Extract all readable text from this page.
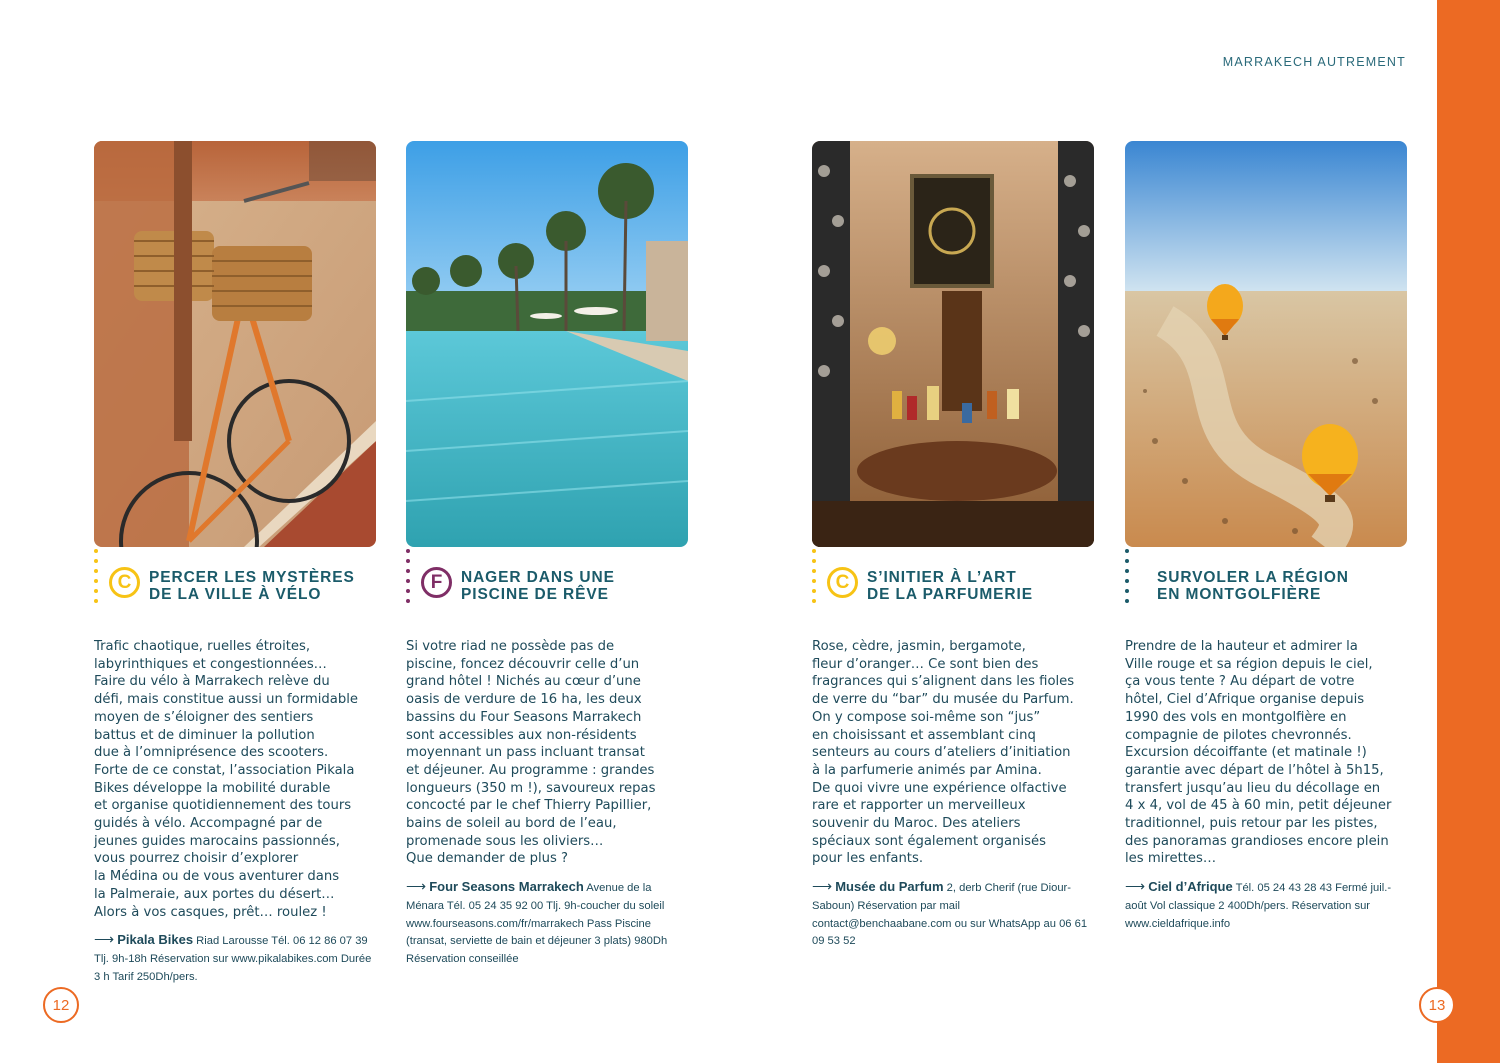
MARRAKECH AUTREMENT
C	PERCER LES MYSTÈRES
DE LA VILLE À VÉLO

Trafic chaotique, ruelles étroites,
labyrinthiques et congestionnées…
Faire du vélo à Marrakech relève du
défi, mais constitue aussi un formidable
moyen de s’éloigner des sentiers
battus et de diminuer la pollution
due à l’omniprésence des scooters.
Forte de ce constat, l’association Pikala
Bikes développe la mobilité durable
et organise quotidiennement des tours
guidés à vélo. Accompagné par de
jeunes guides marocains passionnés,
vous pourrez choisir d’explorer
la Médina ou de vous aventurer dans
la Palmeraie, aux portes du désert…
Alors à vos casques, prêt… roulez !

⟶ Pikala Bikes Riad Larousse Tél. 06 12 86 07 39 Tlj. 9h-18h Réservation sur www.pikalabikes.com Durée 3 h Tarif 250Dh/pers.
F	NAGER DANS UNE
PISCINE DE RÊVE

Si votre riad ne possède pas de
piscine, foncez découvrir celle d’un
grand hôtel ! Nichés au cœur d’une
oasis de verdure de 16 ha, les deux
bassins du Four Seasons Marrakech
sont accessibles aux non-résidents
moyennant un pass incluant transat
et déjeuner. Au programme : grandes
longueurs (350 m !), savoureux repas
concocté par le chef Thierry Papillier,
bains de soleil au bord de l’eau,
promenade sous les oliviers…
Que demander de plus ?

⟶ Four Seasons Marrakech Avenue de la Ménara Tél. 05 24 35 92 00 Tlj. 9h-coucher du soleil www.fourseasons.com/fr/marrakech Pass Piscine (transat, serviette de bain et déjeuner 3 plats) 980Dh Réservation conseillée
C	S’INITIER À L’ART
DE LA PARFUMERIE

Rose, cèdre, jasmin, bergamote,
fleur d’oranger… Ce sont bien des
fragrances qui s’alignent dans les fioles
de verre du “bar” du musée du Parfum.
On y compose soi-même son “jus”
en choisissant et assemblant cinq
senteurs au cours d’ateliers d’initiation
à la parfumerie animés par Amina.
De quoi vivre une expérience olfactive
rare et rapporter un merveilleux
souvenir du Maroc. Des ateliers
spéciaux sont également organisés
pour les enfants.

⟶ Musée du Parfum 2, derb Cherif (rue Diour-Saboun) Réservation par mail contact@benchaabane.com ou sur WhatsApp au 06 61 09 53 52
SURVOLER LA RÉGION
EN MONTGOLFIÈRE

Prendre de la hauteur et admirer la
Ville rouge et sa région depuis le ciel,
ça vous tente ? Au départ de votre
hôtel, Ciel d’Afrique organise depuis
1990 des vols en montgolfière en
compagnie de pilotes chevronnés.
Excursion décoiffante (et matinale !)
garantie avec départ de l’hôtel à 5h15,
transfert jusqu’au lieu du décollage en
4 x 4, vol de 45 à 60 min, petit déjeuner
traditionnel, puis retour par les pistes,
des panoramas grandioses encore plein
les mirettes…

⟶ Ciel d’Afrique Tél. 05 24 43 28 43 Fermé juil.-août Vol classique 2 400Dh/pers. Réservation sur www.cieldafrique.info
12	13
